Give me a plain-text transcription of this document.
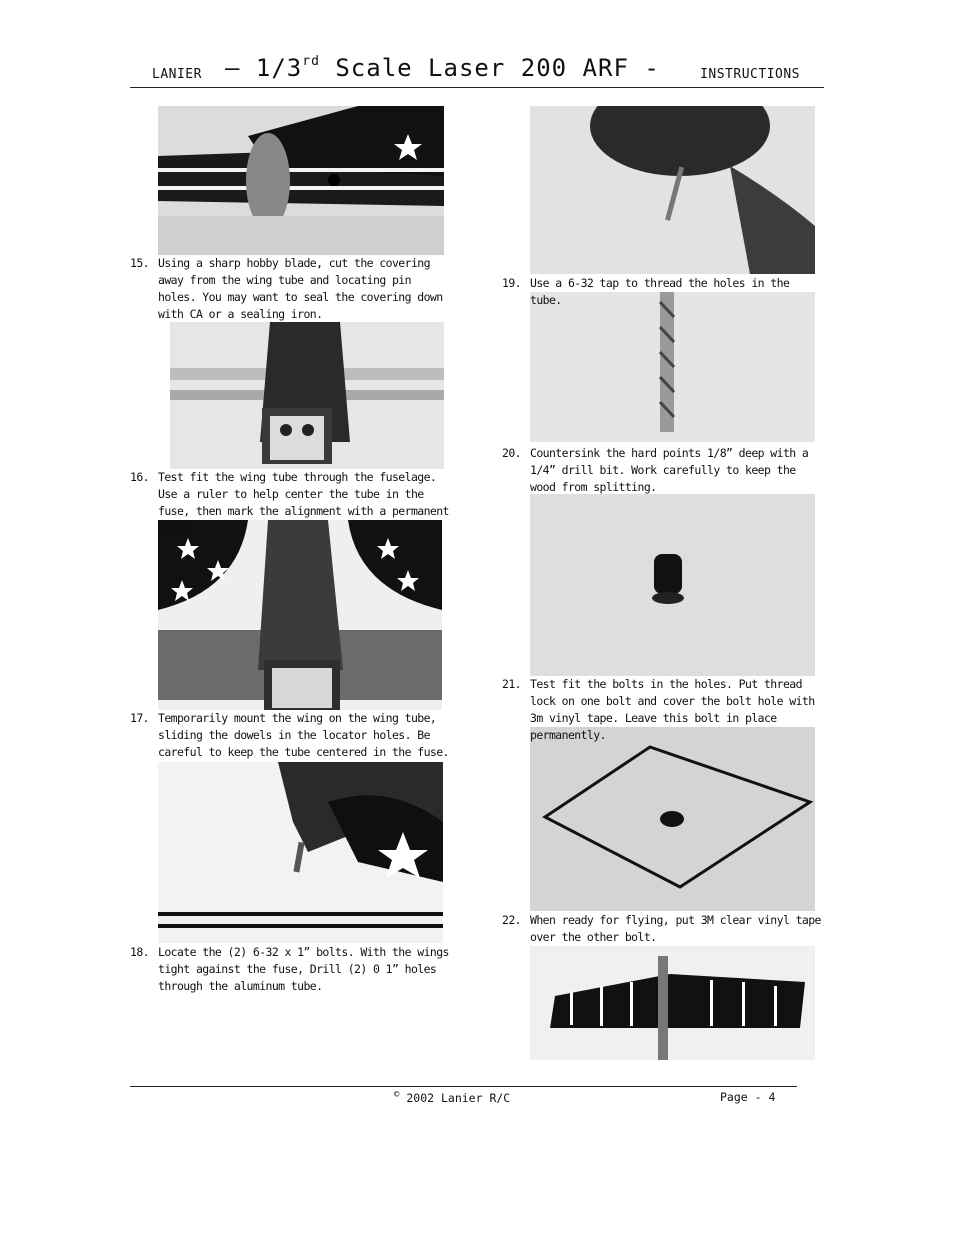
LANIER – 1/3rd Scale Laser 200 ARF -	INSTRUCTIONS
15. Using a sharp hobby blade, cut the covering away from the wing tube and locating pin holes. You may want to seal the covering down with CA or a sealing iron.
16. Test fit the wing tube through the fuselage. Use a ruler to help center the tube in the fuse, then mark the alignment with a permanent marker.
17. Temporarily mount the wing on the wing tube, sliding the dowels in the locator holes. Be careful to keep the tube centered in the fuse.
18. Locate the (2) 6-32 x 1” bolts. With the wings tight against the fuse, Drill (2) 0 1” holes through the aluminum tube.
19. Use a 6-32 tap to thread the holes in the tube.
20. Countersink the hard points 1/8” deep with a 1/4” drill bit. Work carefully to keep the wood from splitting.
21. Test fit the bolts in the holes. Put thread lock on one bolt and cover the bolt hole with 3m vinyl tape. Leave this bolt in place permanently.
22. When ready for flying, put 3M clear vinyl tape over the other bolt.
© 2002 Lanier R/C	Page - 4
